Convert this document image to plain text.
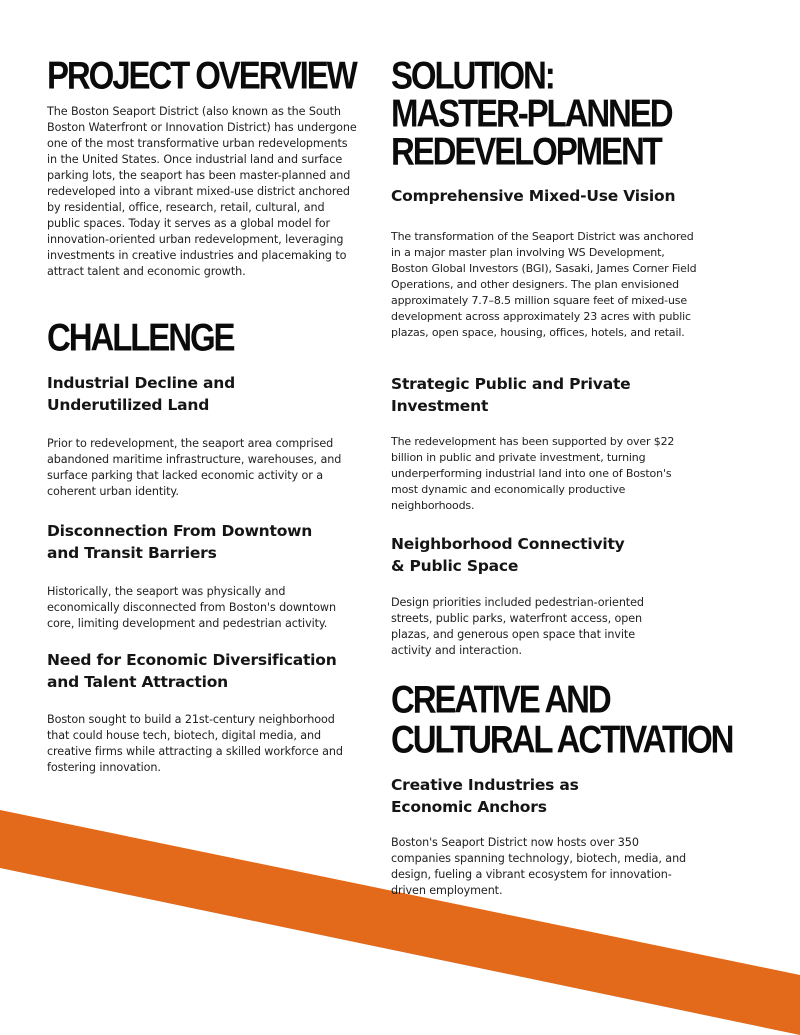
PROJECT OVERVIEW

The Boston Seaport District (also known as the South Boston Waterfront or Innovation District) has undergone one of the most transformative urban redevelopments in the United States. Once industrial land and surface parking lots, the seaport has been master-planned and redeveloped into a vibrant mixed-use district anchored by residential, office, research, retail, cultural, and public spaces. Today it serves as a global model for innovation-oriented urban redevelopment, leveraging investments in creative industries and placemaking to attract talent and economic growth.

CHALLENGE
Industrial Decline and Underutilized Land

Prior to redevelopment, the seaport area comprised abandoned maritime infrastructure, warehouses, and surface parking that lacked economic activity or a coherent urban identity.

Disconnection From Downtown and Transit Barriers

Historically, the seaport was physically and economically disconnected from Boston's downtown core, limiting development and pedestrian activity.

Need for Economic Diversification and Talent Attraction

Boston sought to build a 21st-century neighborhood that could house tech, biotech, digital media, and creative firms while attracting a skilled workforce and fostering innovation.

SOLUTION:
MASTER-PLANNED
REDEVELOPMENT
Comprehensive Mixed-Use Vision

The transformation of the Seaport District was anchored in a major master plan involving WS Development, Boston Global Investors (BGI), Sasaki, James Corner Field Operations, and other designers. The plan envisioned approximately 7.7–8.5 million square feet of mixed-use development across approximately 23 acres with public plazas, open space, housing, offices, hotels, and retail.

Strategic Public and Private Investment

The redevelopment has been supported by over $22 billion in public and private investment, turning underperforming industrial land into one of Boston's most dynamic and economically productive neighborhoods.

Neighborhood Connectivity & Public Space

Design priorities included pedestrian-oriented streets, public parks, waterfront access, open plazas, and generous open space that invite activity and interaction.

CREATIVE AND
CULTURAL ACTIVATION
Creative Industries as Economic Anchors

Boston's Seaport District now hosts over 350 companies spanning technology, biotech, media, and design, fueling a vibrant ecosystem for innovation-driven employment.
